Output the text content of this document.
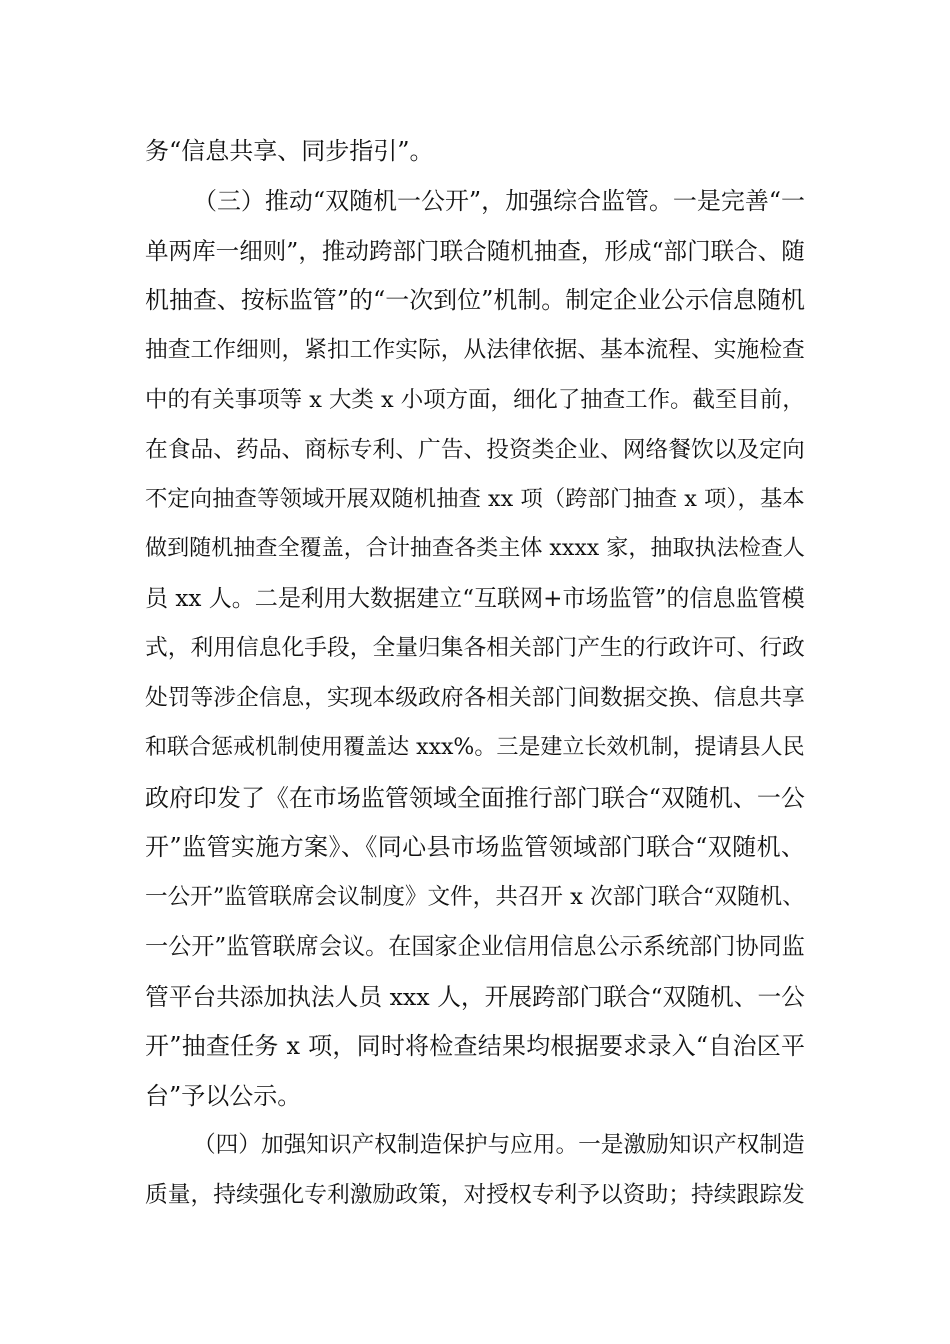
务“信息共享、同步指引”。
（三）推动“双随机一公开”，加强综合监管。一是完善“一
单两库一细则”，推动跨部门联合随机抽查，形成“部门联合、随
机抽查、按标监管”的“一次到位”机制。制定企业公示信息随机
抽查工作细则，紧扣工作实际，从法律依据、基本流程、实施检查
中的有关事项等 x 大类 x 小项方面，细化了抽查工作。截至目前，
在食品、药品、商标专利、广告、投资类企业、网络餐饮以及定向
不定向抽查等领域开展双随机抽查 xx 项（跨部门抽查 x 项），基本
做到随机抽查全覆盖，合计抽查各类主体 xxxx 家，抽取执法检查人
员 xx 人。二是利用大数据建立“互联网+市场监管”的信息监管模
式，利用信息化手段，全量归集各相关部门产生的行政许可、行政
处罚等涉企信息，实现本级政府各相关部门间数据交换、信息共享
和联合惩戒机制使用覆盖达 xxx%。三是建立长效机制，提请县人民
政府印发了《在市场监管领域全面推行部门联合“双随机、一公
开”监管实施方案》、《同心县市场监管领域部门联合“双随机、
一公开”监管联席会议制度》文件，共召开 x 次部门联合“双随机、
一公开”监管联席会议。在国家企业信用信息公示系统部门协同监
管平台共添加执法人员 xxx 人，开展跨部门联合“双随机、一公
开”抽查任务 x 项，同时将检查结果均根据要求录入“自治区平
台”予以公示。
（四）加强知识产权制造保护与应用。一是激励知识产权制造
质量，持续强化专利激励政策，对授权专利予以资助；持续跟踪发
